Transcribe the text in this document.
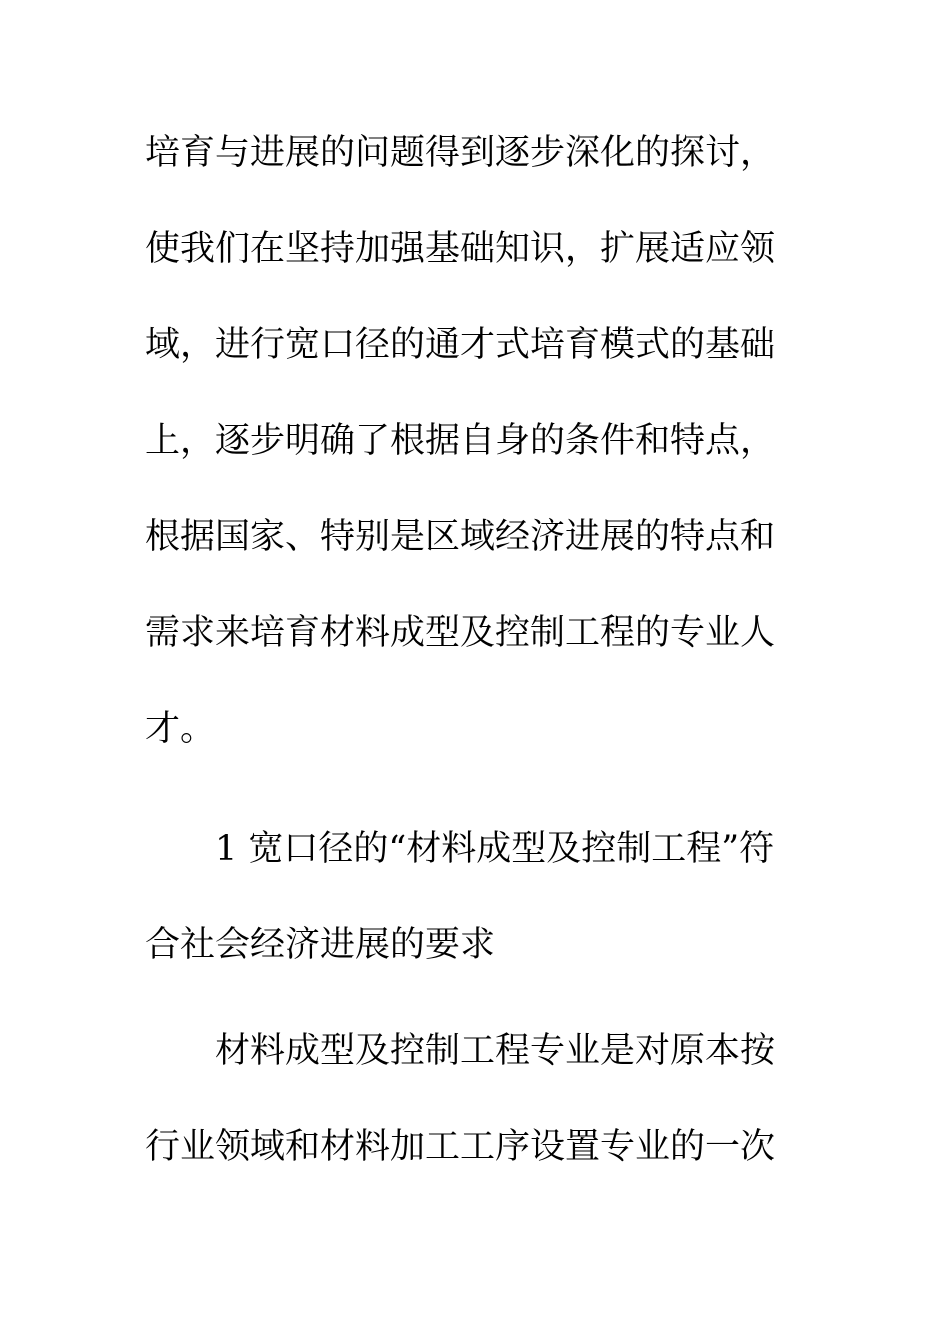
培育与进展的问题得到逐步深化的探讨，
使我们在坚持加强基础知识，扩展适应领
域，进行宽口径的通才式培育模式的基础
上，逐步明确了根据自身的条件和特点，
根据国家、特别是区域经济进展的特点和
需求来培育材料成型及控制工程的专业人
才。
1 宽口径的“材料成型及控制工程”符
合社会经济进展的要求
材料成型及控制工程专业是对原本按
行业领域和材料加工工序设置专业的一次
